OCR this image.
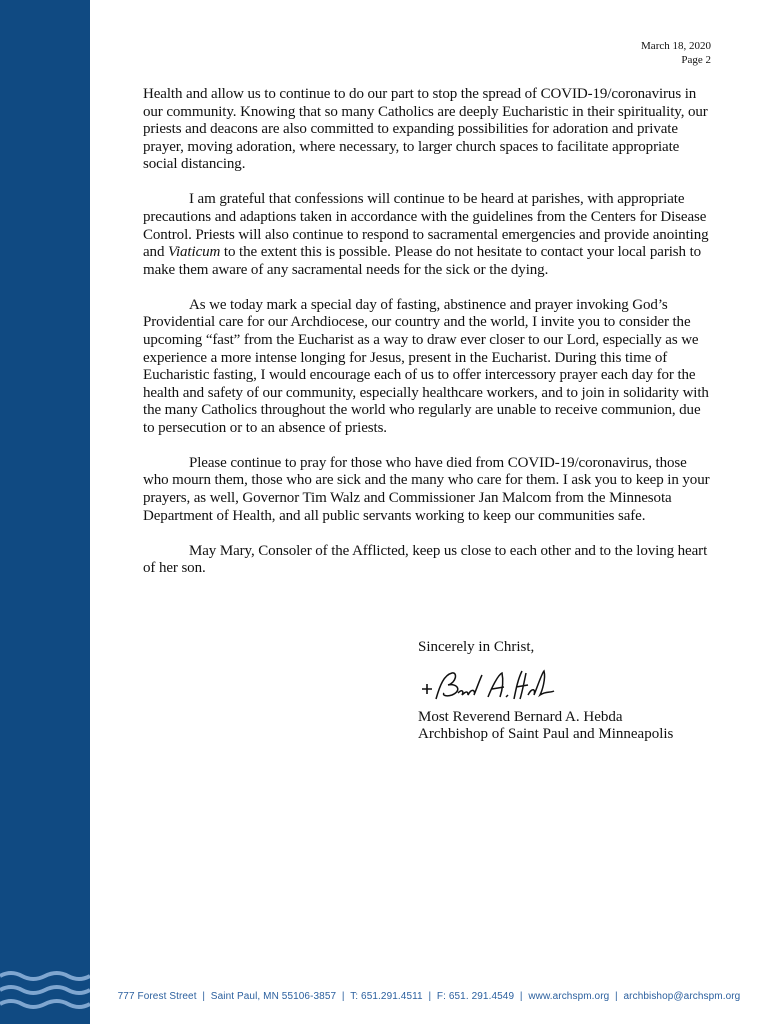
March 18, 2020
Page 2

Health and allow us to continue to do our part to stop the spread of COVID-19/coronavirus in our community. Knowing that so many Catholics are deeply Eucharistic in their spirituality, our priests and deacons are also committed to expanding possibilities for adoration and private prayer, moving adoration, where necessary, to larger church spaces to facilitate appropriate social distancing.

I am grateful that confessions will continue to be heard at parishes, with appropriate precautions and adaptions taken in accordance with the guidelines from the Centers for Disease Control. Priests will also continue to respond to sacramental emergencies and provide anointing and Viaticum to the extent this is possible. Please do not hesitate to contact your local parish to make them aware of any sacramental needs for the sick or the dying.

As we today mark a special day of fasting, abstinence and prayer invoking God’s Providential care for our Archdiocese, our country and the world, I invite you to consider the upcoming “fast” from the Eucharist as a way to draw ever closer to our Lord, especially as we experience a more intense longing for Jesus, present in the Eucharist. During this time of Eucharistic fasting, I would encourage each of us to offer intercessory prayer each day for the health and safety of our community, especially healthcare workers, and to join in solidarity with the many Catholics throughout the world who regularly are unable to receive communion, due to persecution or to an absence of priests.

Please continue to pray for those who have died from COVID-19/coronavirus, those who mourn them, those who are sick and the many who care for them. I ask you to keep in your prayers, as well, Governor Tim Walz and Commissioner Jan Malcom from the Minnesota Department of Health, and all public servants working to keep our communities safe.

May Mary, Consoler of the Afflicted, keep us close to each other and to the loving heart of her son.

Sincerely in Christ,
Most Reverend Bernard A. Hebda
Archbishop of Saint Paul and Minneapolis
777 Forest Street  |  Saint Paul, MN 55106-3857  |  T: 651.291.4511  |  F: 651. 291.4549  |  www.archspm.org  |  archbishop@archspm.org
